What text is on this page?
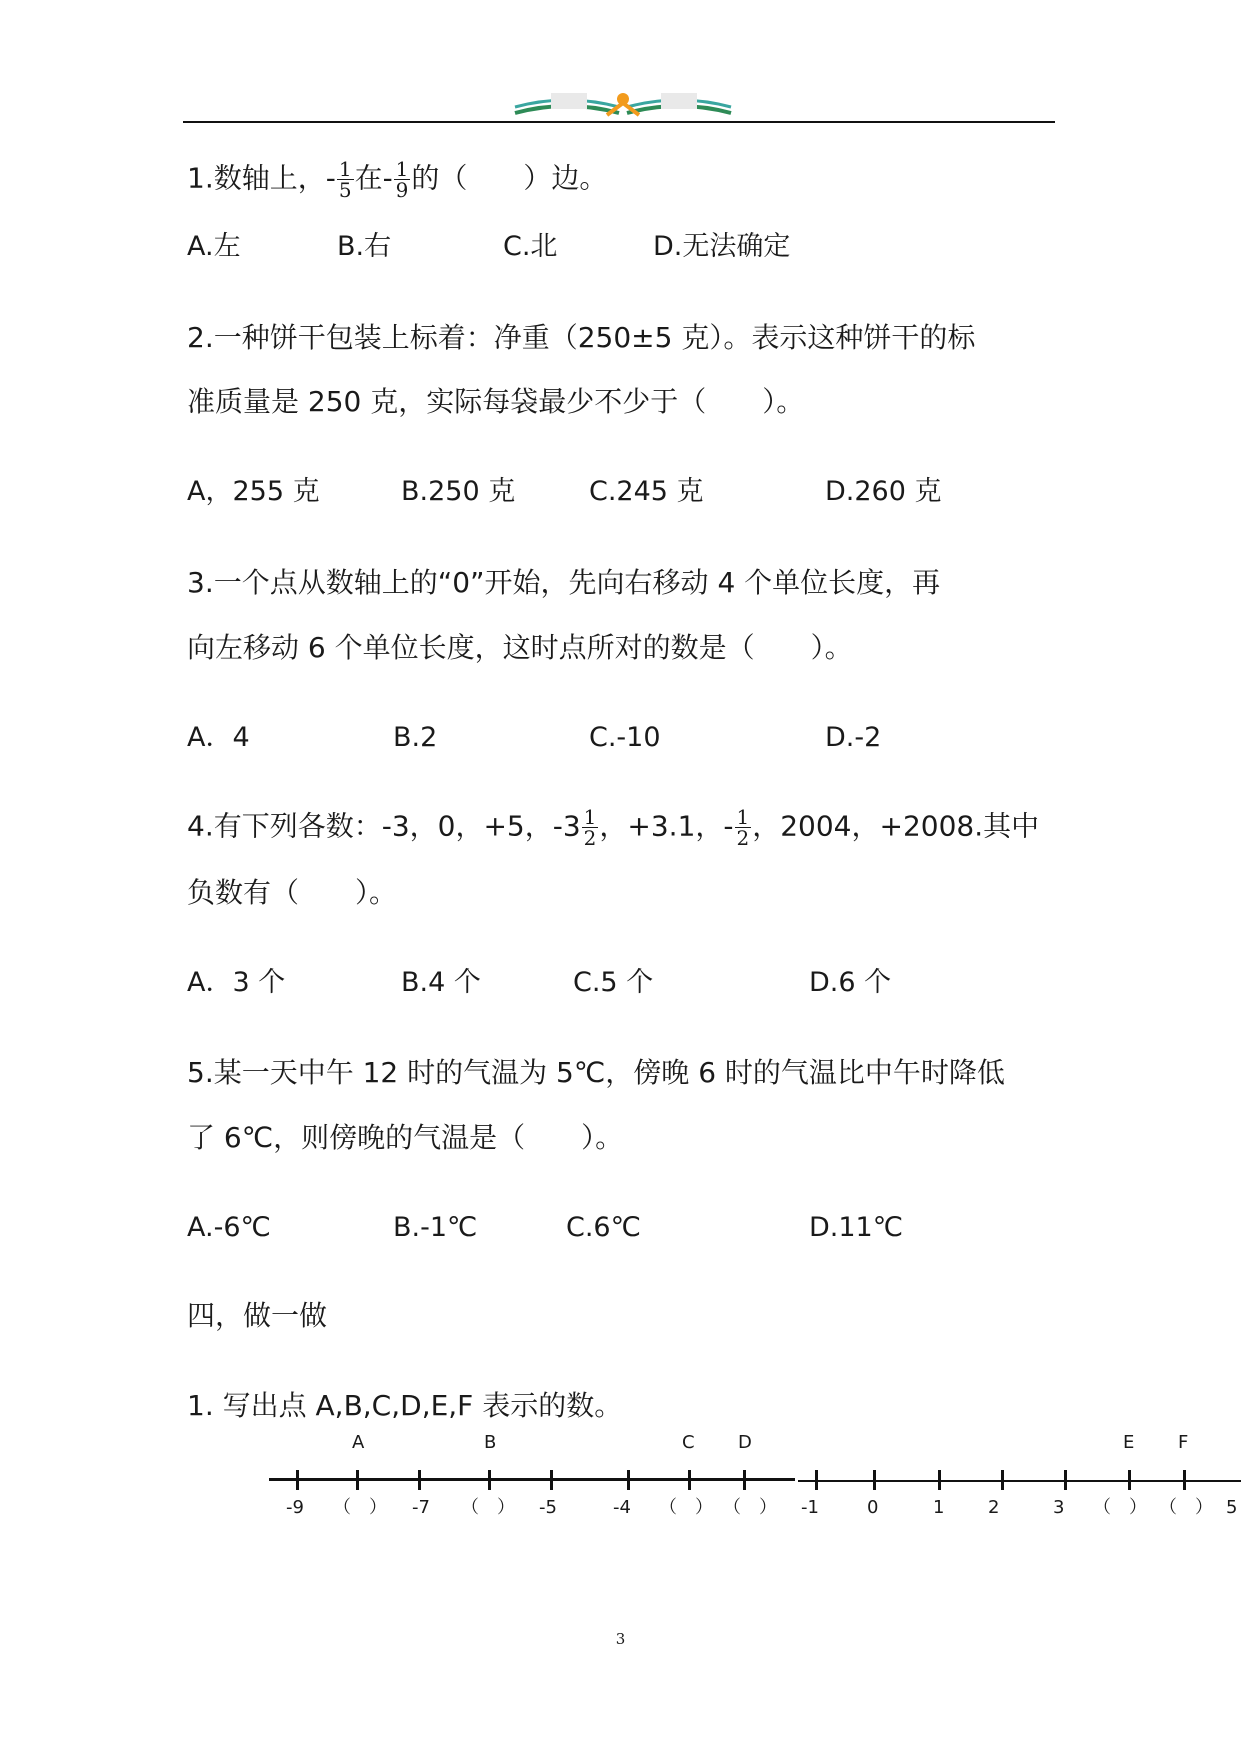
1.数轴上，- $\frac{1}{5}$ 在- $\frac{1}{9}$ 的（　　）边。
A.左	B.右	C.北	D.无法确定
2.一种饼干包装上标着：净重（250±5 克）。表示这种饼干的标
准质量是 250 克，实际每袋最少不少于（　　）。
A，255 克	B.250 克	C.245 克	D.260 克
3.一个点从数轴上的“0”开始，先向右移动 4 个单位长度，再
向左移动 6 个单位长度，这时点所对的数是（　　）。
A．4	B.2	C.-10	D.-2
4.有下列各数：-3，0，+5，$-3 \frac{1}{2}$ ，+3.1，- $\frac{1}{2}$ ，2004，+2008.其中
负数有（　　）。
A．3 个	B.4 个	C.5 个	D.6 个
5.某一天中午 12 时的气温为 5℃，傍晚 6 时的气温比中午时降低
了 6℃，则傍晚的气温是（　　）。
A.-6℃	B.-1℃	C.6℃	D.11℃
四，做一做
1. 写出点 A,B,C,D,E,F 表示的数。
A	B	C D	E F
-9 （　） -7 （　） -5	-4 （　） （　） -1	0	1 2	3 （　） （　） 5
3
